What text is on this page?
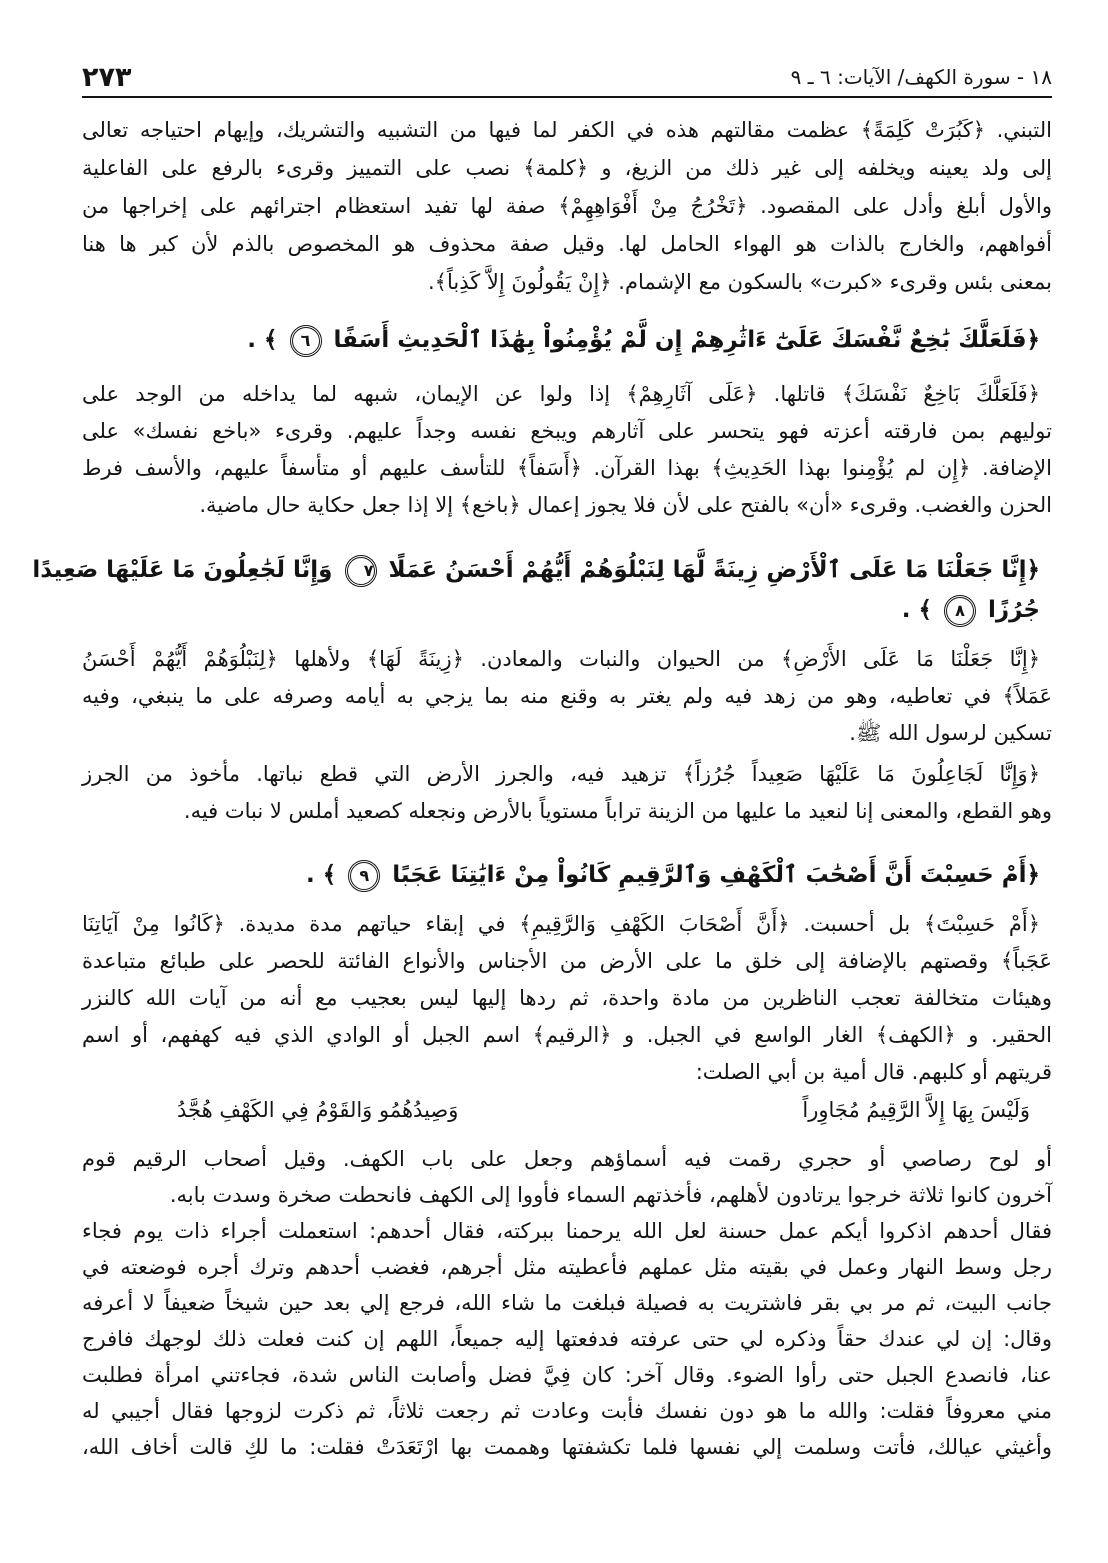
١٨ - سورة الكهف/ الآيات: ٦ ـ ٩
٢٧٣
التبني. ﴿كَبُرَتْ كَلِمَةً﴾ عظمت مقالتهم هذه في الكفر لما فيها من التشبيه والتشريك، وإيهام احتياجه تعالى
إلى ولد يعينه ويخلفه إلى غير ذلك من الزيغ، و ﴿كلمة﴾ نصب على التمييز وقرىء بالرفع على الفاعلية
والأول أبلغ وأدل على المقصود. ﴿تَخْرُجُ مِنْ أَفْوَاهِهِمْ﴾ صفة لها تفيد استعظام اجترائهم على إخراجها من
أفواههم، والخارج بالذات هو الهواء الحامل لها. وقيل صفة محذوف هو المخصوص بالذم لأن كبر ها هنا
بمعنى بئس وقرىء «كبرت» بالسكون مع الإشمام. ﴿إِنْ يَقُولُونَ إِلاَّ كَذِباً﴾.
﴿فَلَعَلَّكَ بَٰخِعٌ نَّفْسَكَ عَلَىٰٓ ءَاثَٰرِهِمْ إِن لَّمْ يُؤْمِنُواْ بِهَٰذَا ٱلْحَدِيثِ أَسَفًا ٦ ﴾ .
﴿فَلَعَلَّكَ بَاخِعٌ نَفْسَكَ﴾ قاتلها. ﴿عَلَى آثَارِهِمْ﴾ إذا ولوا عن الإيمان، شبهه لما يداخله من الوجد على
توليهم بمن فارقته أعزته فهو يتحسر على آثارهم ويبخع نفسه وجداً عليهم. وقرىء «باخع نفسك» على
الإضافة. ﴿إِن لم يُؤْمِنوا بهذا الحَدِيثِ﴾ بهذا القرآن. ﴿أَسَفاً﴾ للتأسف عليهم أو متأسفاً عليهم، والأسف فرط
الحزن والغضب. وقرىء «أن» بالفتح على لأن فلا يجوز إعمال ﴿باخع﴾ إلا إذا جعل حكاية حال ماضية.
﴿إِنَّا جَعَلْنَا مَا عَلَى ٱلْأَرْضِ زِينَةً لَّهَا لِنَبْلُوَهُمْ أَيُّهُمْ أَحْسَنُ عَمَلًا ٧ وَإِنَّا لَجَٰعِلُونَ مَا عَلَيْهَا صَعِيدًا
جُرُزًا ٨ ﴾ .
﴿إِنَّا جَعَلْنَا مَا عَلَى الأَرْضِ﴾ من الحيوان والنبات والمعادن. ﴿زِينَةً لَهَا﴾ ولأهلها ﴿لِنَبْلُوَهُمْ أَيُّهُمْ أَحْسَنُ
عَمَلاً﴾ في تعاطيه، وهو من زهد فيه ولم يغتر به وقنع منه بما يزجي به أيامه وصرفه على ما ينبغي، وفيه
تسكين لرسول الله ﷺ.
﴿وَإِنَّا لَجَاعِلُونَ مَا عَلَيْهَا صَعِيداً جُرُزاً﴾ تزهيد فيه، والجرز الأرض التي قطع نباتها. مأخوذ من الجرز
وهو القطع، والمعنى إنا لنعيد ما عليها من الزينة تراباً مستوياً بالأرض ونجعله كصعيد أملس لا نبات فيه.
﴿أَمْ حَسِبْتَ أَنَّ أَصْحَٰبَ ٱلْكَهْفِ وَٱلرَّقِيمِ كَانُواْ مِنْ ءَايَٰتِنَا عَجَبًا ٩ ﴾ .
﴿أَمْ حَسِبْتَ﴾ بل أحسبت. ﴿أَنَّ أَصْحَابَ الكَهْفِ وَالرَّقِيمِ﴾ في إبقاء حياتهم مدة مديدة. ﴿كَانُوا مِنْ آيَاتِنَا
عَجَباً﴾ وقصتهم بالإضافة إلى خلق ما على الأرض من الأجناس والأنواع الفائتة للحصر على طبائع متباعدة
وهيئات متخالفة تعجب الناظرين من مادة واحدة، ثم ردها إليها ليس بعجيب مع أنه من آيات الله كالنزر
الحقير. و ﴿الكهف﴾ الغار الواسع في الجبل. و ﴿الرقيم﴾ اسم الجبل أو الوادي الذي فيه كهفهم، أو اسم
قريتهم أو كلبهم. قال أمية بن أبي الصلت:
وَلَيْسَ بِهَا إِلاَّ الرَّقِيمُ مُجَاوِراً
وَصِيدُهُمُو وَالقَوْمُ فِي الكَهْفِ هُجَّدُ
أو لوح رصاصي أو حجري رقمت فيه أسماؤهم وجعل على باب الكهف. وقيل أصحاب الرقيم قوم
آخرون كانوا ثلاثة خرجوا يرتادون لأهلهم، فأخذتهم السماء فأووا إلى الكهف فانحطت صخرة وسدت بابه.
فقال أحدهم اذكروا أيكم عمل حسنة لعل الله يرحمنا ببركته، فقال أحدهم: استعملت أجراء ذات يوم فجاء
رجل وسط النهار وعمل في بقيته مثل عملهم فأعطيته مثل أجرهم، فغضب أحدهم وترك أجره فوضعته في
جانب البيت، ثم مر بي بقر فاشتريت به فصيلة فبلغت ما شاء الله، فرجع إلي بعد حين شيخاً ضعيفاً لا أعرفه
وقال: إن لي عندك حقاً وذكره لي حتى عرفته فدفعتها إليه جميعاً، اللهم إن كنت فعلت ذلك لوجهك فافرج
عنا، فانصدع الجبل حتى رأوا الضوء. وقال آخر: كان فِيَّ فضل وأصابت الناس شدة، فجاءتني امرأة فطلبت
مني معروفاً فقلت: والله ما هو دون نفسك فأبت وعادت ثم رجعت ثلاثاً، ثم ذكرت لزوجها فقال أجيبي له
وأغيثي عيالك، فأتت وسلمت إلي نفسها فلما تكشفتها وهممت بها ارْتَعَدَتْ فقلت: ما لكِ قالت أخاف الله،
